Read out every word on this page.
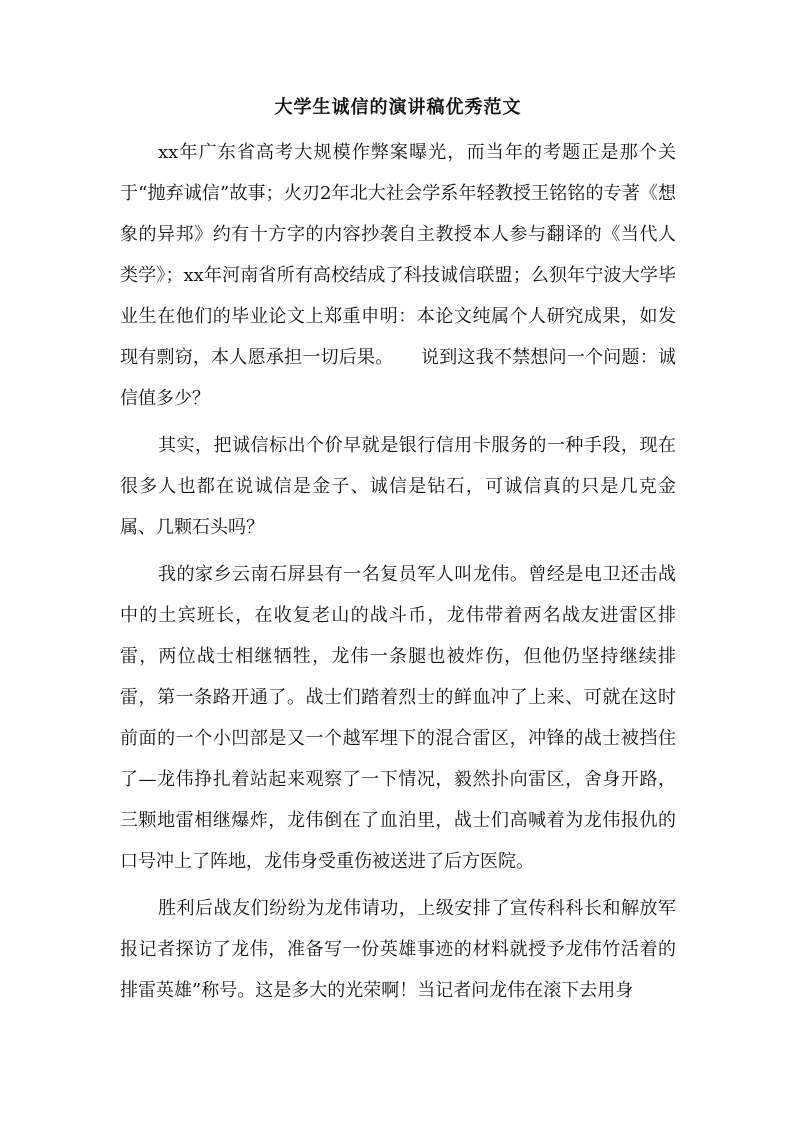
大学生诚信的演讲稿优秀范文

xx年广东省高考大规模作弊案曝光，而当年的考题正是那个关于“抛弃诚信”故事；火刃2年北大社会学系年轻教授王铭铭的专著《想象的异邦》约有十方字的内容抄袭自主教授本人参与翻译的《当代人类学》；xx年河南省所有高校结成了科技诚信联盟；么狈年宁波大学毕业生在他们的毕业论文上郑重申明：本论文纯属个人研究成果，如发现有剽窃，本人愿承担一切后果。　　说到这我不禁想问一个问题：诚信值多少？

其实，把诚信标出个价早就是银行信用卡服务的一种手段，现在很多人也都在说诚信是金子、诚信是钻石，可诚信真的只是几克金属、几颗石头吗？

我的家乡云南石屏县有一名复员军人叫龙伟。曾经是电卫还击战中的土宾班长，在收复老山的战斗币，龙伟带着两名战友进雷区排雷，两位战士相继牺牲，龙伟一条腿也被炸伤，但他仍坚持继续排雷，第一条路开通了。战士们踏着烈士的鲜血冲了上来、可就在这时前面的一个小凹部是又一个越军埋下的混合雷区，冲锋的战士被挡住了—龙伟挣扎着站起来观察了一下情况，毅然扑向雷区，舍身开路，三颗地雷相继爆炸，龙伟倒在了血泊里，战士们高喊着为龙伟报仇的口号冲上了阵地，龙伟身受重伤被送进了后方医院。

胜利后战友们纷纷为龙伟请功，上级安排了宣传科科长和解放军报记者探访了龙伟，准备写一份英雄事迹的材料就授予龙伟竹活着的排雷英雄”称号。这是多大的光荣啊！当记者问龙伟在滚下去用身
